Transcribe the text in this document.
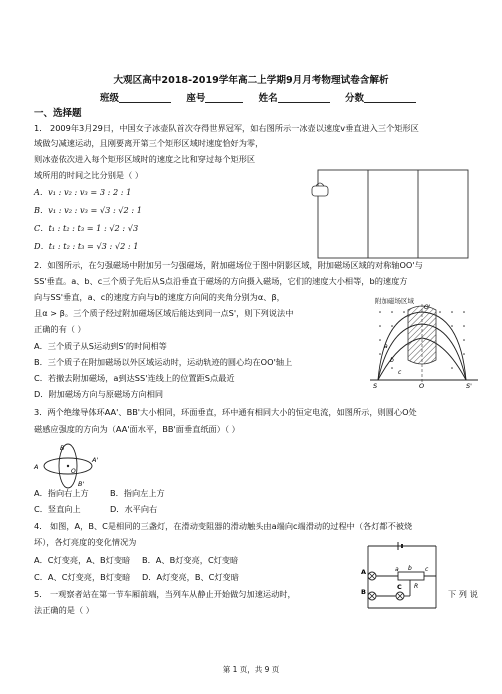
大观区高中2018-2019学年高二上学期9月月考物理试卷含解析
班级	座号	姓名	分数
一、选择题
1． 2009年3月29日，中国女子冰壶队首次夺得世界冠军，如右图所示一冰壶以速度v垂直进入三个矩形区
域做匀减速运动，且刚要离开第三个矩形区域时速度恰好为零，
则冰壶依次进入每个矩形区域时的速度之比和穿过每个矩形区
域所用的时间之比分别是（ ）
A．v₁ : v₂ : v₃ = 3 : 2 : 1
B．v₁ : v₂ : v₃ = √3 : √2 : 1
C．t₁ : t₂ : t₃ = 1 : √2 : √3
D．t₁ : t₂ : t₃ = √3 : √2 : 1
2．如图所示，在匀强磁场中附加另一匀强磁场，附加磁场位于图中阴影区域，附加磁场区域的对称轴OO'与
SS'垂直。a、b、c三个质子先后从S点沿垂直于磁场的方向摄入磁场，它们的速度大小相等，b的速度方
向与SS'垂直，a、c的速度方向与b的速度方向间的夹角分别为α、β，
且α > β。三个质子经过附加磁场区域后能达到同一点S'，则下列说法中
正确的有（ ）
A．三个质子从S运动到S'的时间相等
B．三个质子在附加磁场以外区域运动时，运动轨迹的圆心均在OO'轴上
C．若撤去附加磁场，a到达SS'连线上的位置距S点最近
D．附加磁场方向与原磁场方向相同
附加磁场区域
S	S'
O
O'
a
b
c
3．两个绝缘导体环AA'、BB'大小相同，环面垂直，环中通有相同大小的恒定电流，如图所示，则圆心O处
磁感应强度的方向为（AA'面水平，BB'面垂直纸面）（ ）
A
A'
B
B'
O
A．指向右上方	B．指向左上方
C．竖直向上	D．水平向右
4． 如图，A，B、C是相同的三盏灯，在滑动变阻器的滑动触头由a端向c端滑动的过程中（各灯都不被烧
坏），各灯亮度的变化情况为
A．C灯变亮，A、B灯变暗 B．A、B灯变亮，C灯变暗
C．A、C灯变亮，B灯变暗 D．A灯变亮，B、C灯变暗	A
B
C
a b c
R
5． 一观察者站在第一节车厢前端，当列车从静止开始做匀加速运动时，	下 列 说
法正确的是（ ）
第 1 页，共 9 页
